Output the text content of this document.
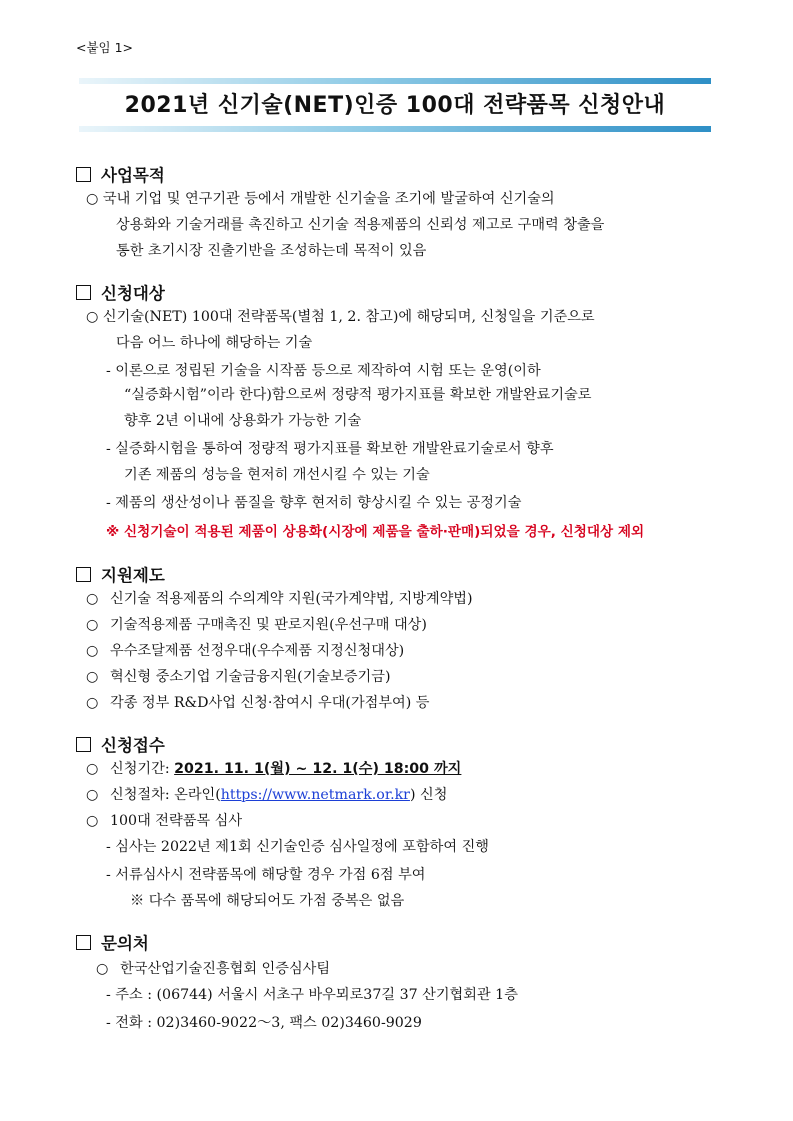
<붙임 1>
2021년 신기술(NET)인증 100대 전략품목 신청안내
사업목적
○ 국내 기업 및 연구기관 등에서 개발한 신기술을 조기에 발굴하여 신기술의
상용화와 기술거래를 촉진하고 신기술 적용제품의 신뢰성 제고로 구매력 창출을
통한 초기시장 진출기반을 조성하는데 목적이 있음
신청대상
○ 신기술(NET) 100대 전략품목(별첨 1, 2. 참고)에 해당되며, 신청일을 기준으로
다음 어느 하나에 해당하는 기술
- 이론으로 정립된 기술을 시작품 등으로 제작하여 시험 또는 운영(이하
“실증화시험”이라 한다)함으로써 정량적 평가지표를 확보한 개발완료기술로
향후 2년 이내에 상용화가 가능한 기술
- 실증화시험을 통하여 정량적 평가지표를 확보한 개발완료기술로서 향후
기존 제품의 성능을 현저히 개선시킬 수 있는 기술
- 제품의 생산성이나 품질을 향후 현저히 향상시킬 수 있는 공정기술
※ 신청기술이 적용된 제품이 상용화(시장에 제품을 출하·판매)되었을 경우, 신청대상 제외
지원제도
○ 신기술 적용제품의 수의계약 지원(국가계약법, 지방계약법)
○ 기술적용제품 구매촉진 및 판로지원(우선구매 대상)
○ 우수조달제품 선정우대(우수제품 지정신청대상)
○ 혁신형 중소기업 기술금융지원(기술보증기금)
○ 각종 정부 R&D사업 신청·참여시 우대(가점부여) 등
신청접수
○ 신청기간: 2021. 11. 1(월) ~ 12. 1(수) 18:00 까지
○ 신청절차: 온라인(https://www.netmark.or.kr) 신청
○ 100대 전략품목 심사
- 심사는 2022년 제1회 신기술인증 심사일정에 포함하여 진행
- 서류심사시 전략품목에 해당할 경우 가점 6점 부여
※ 다수 품목에 해당되어도 가점 중복은 없음
문의처
○ 한국산업기술진흥협회 인증심사팀
- 주소 : (06744) 서울시 서초구 바우뫼로37길 37 산기협회관 1층
- 전화 : 02)3460-9022～3, 팩스 02)3460-9029
